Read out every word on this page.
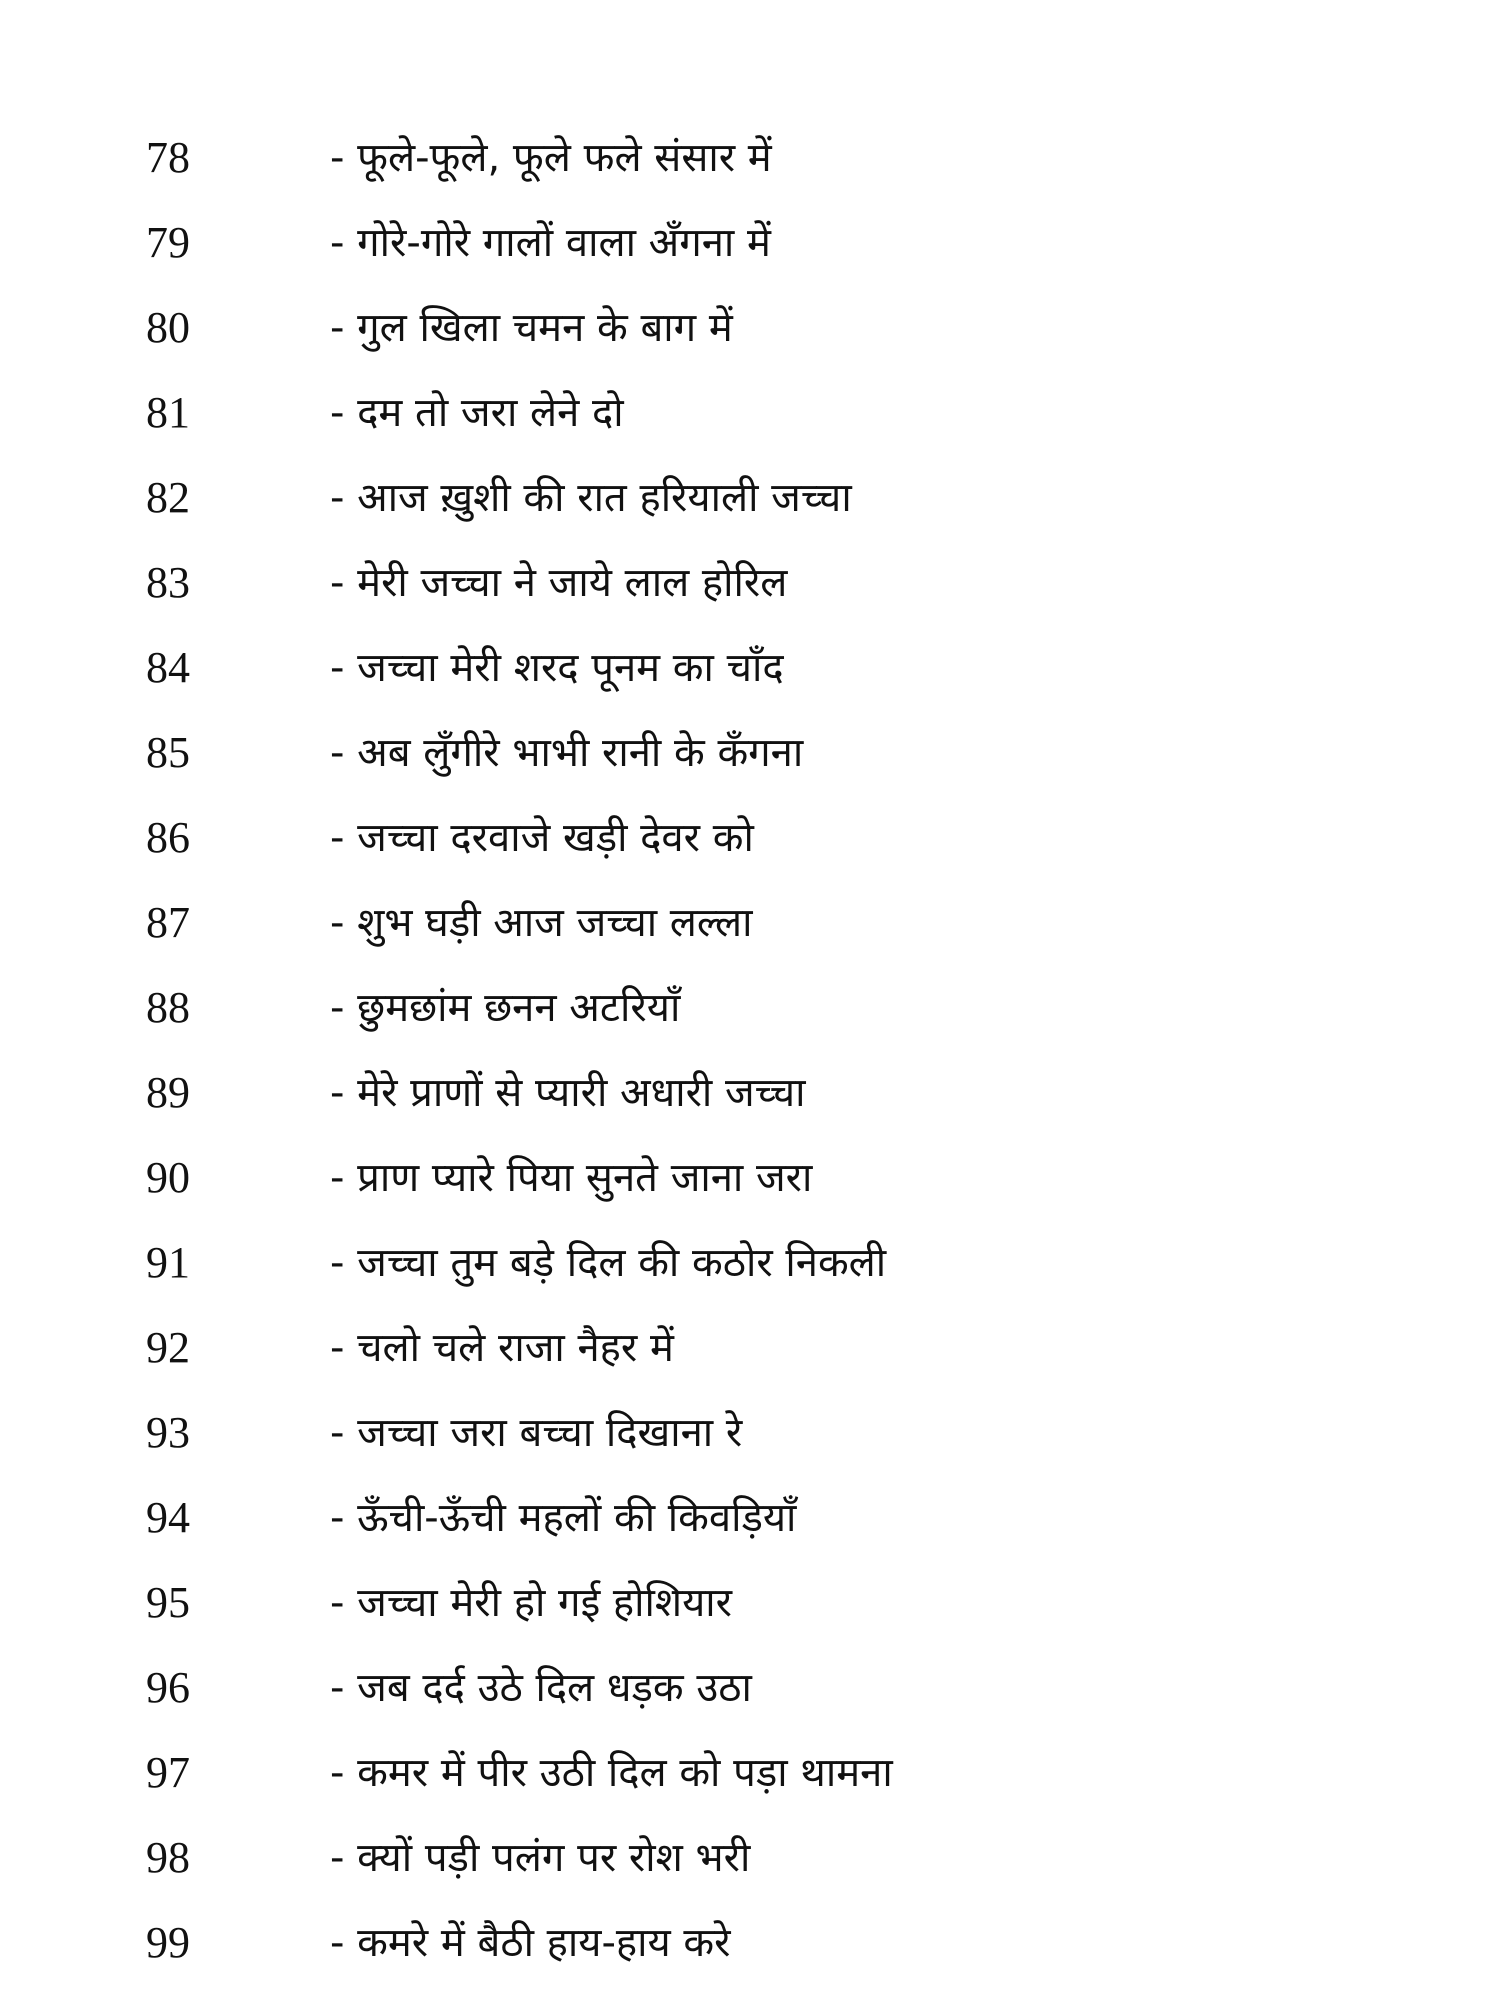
78	- फूले-फूले, फूले फले संसार में
79	- गोरे-गोरे गालों वाला अँगना में
80	- गुल खिला चमन के बाग में
81	- दम तो जरा लेने दो
82	- आज ख़ुशी की रात हरियाली जच्चा
83	- मेरी जच्चा ने जाये लाल होरिल
84	- जच्चा मेरी शरद पूनम का चाँद
85	- अब लुँगीरे भाभी रानी के कँगना
86	- जच्चा दरवाजे खड़ी देवर को
87	- शुभ घड़ी आज जच्चा लल्ला
88	- छुमछांम छनन अटरियाँ
89	- मेरे प्राणों से प्यारी अधारी जच्चा
90	- प्राण प्यारे पिया सुनते जाना जरा
91	- जच्चा तुम बड़े दिल की कठोर निकली
92	- चलो चले राजा नैहर में
93	- जच्चा जरा बच्चा दिखाना रे
94	- ऊँची-ऊँची महलों की किवड़ियाँ
95	- जच्चा मेरी हो गई होशियार
96	- जब दर्द उठे दिल धड़क उठा
97	- कमर में पीर उठी दिल को पड़ा थामना
98	- क्यों पड़ी पलंग पर रोश भरी
99	- कमरे में बैठी हाय-हाय करे
